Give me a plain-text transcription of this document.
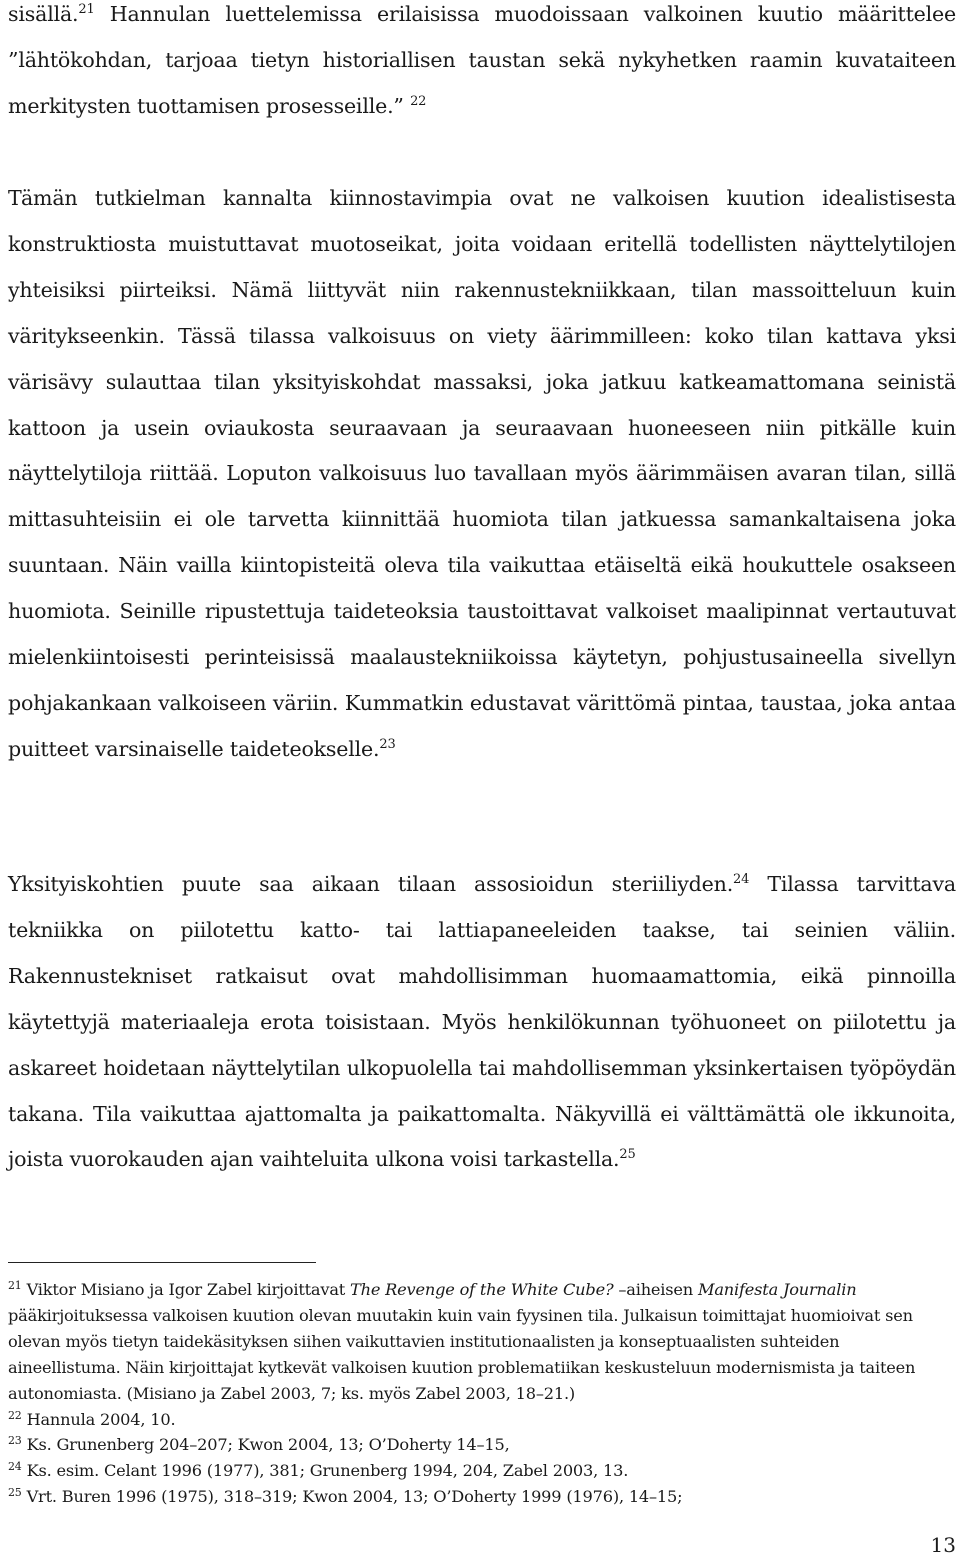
sisällä.$^{21}$ Hannulan luettelemissa erilaisissa muodoissaan valkoinen kuutio määrittelee ”lähtökohdan, tarjoaa tietyn historiallisen taustan sekä nykyhetken raamin kuvataiteen merkitysten tuottamisen prosesseille.” $^{22}$

Tämän tutkielman kannalta kiinnostavimpia ovat ne valkoisen kuution idealistisesta konstruktiosta muistuttavat muotoseikat, joita voidaan eritellä todellisten näyttelytilojen yhteisiksi piirteiksi. Nämä liittyvät niin rakennustekniikkaan, tilan massoitteluun kuin väritykseenkin. Tässä tilassa valkoisuus on viety äärimmilleen: koko tilan kattava yksi värisävy sulauttaa tilan yksityiskohdat massaksi, joka jatkuu katkeamattomana seinistä kattoon ja usein oviaukosta seuraavaan ja seuraavaan huoneeseen niin pitkälle kuin näyttelytiloja riittää. Loputon valkoisuus luo tavallaan myös äärimmäisen avaran tilan, sillä mittasuhteisiin ei ole tarvetta kiinnittää huomiota tilan jatkuessa samankaltaisena joka suuntaan. Näin vailla kiintopisteitä oleva tila vaikuttaa etäiseltä eikä houkuttele osakseen huomiota. Seinille ripustettuja taideteoksia taustoittavat valkoiset maalipinnat vertautuvat mielenkiintoisesti perinteisissä maalaustekniikoissa käytetyn, pohjustusaineella sivellyn pohjakankaan valkoiseen väriin. Kummatkin edustavat värittömä pintaa, taustaa, joka antaa puitteet varsinaiselle taideteokselle.$^{23}$

Yksityiskohtien puute saa aikaan tilaan assosioidun steriiliyden.$^{24}$ Tilassa tarvittava tekniikka on piilotettu katto- tai lattiapaneeleiden taakse, tai seinien väliin. Rakennustekniset ratkaisut ovat mahdollisimman huomaamattomia, eikä pinnoilla käytettyjä materiaaleja erota toisistaan. Myös henkilökunnan työhuoneet on piilotettu ja askareet hoidetaan näyttelytilan ulkopuolella tai mahdollisemman yksinkertaisen työpöydän takana. Tila vaikuttaa ajattomalta ja paikattomalta. Näkyvillä ei välttämättä ole ikkunoita, joista vuorokauden ajan vaihteluita ulkona voisi tarkastella.$^{25}$

$^{21}$ Viktor Misiano ja Igor Zabel kirjoittavat The Revenge of the White Cube? –aiheisen Manifesta Journalin pääkirjoituksessa valkoisen kuution olevan muutakin kuin vain fyysinen tila. Julkaisun toimittajat huomioivat sen olevan myös tietyn taidekäsityksen siihen vaikuttavien institutionaalisten ja konseptuaalisten suhteiden aineellistuma. Näin kirjoittajat kytkevät valkoisen kuution problematiikan keskusteluun modernismista ja taiteen autonomiasta. (Misiano ja Zabel 2003, 7; ks. myös Zabel 2003, 18–21.)

$^{22}$ Hannula 2004, 10.

$^{23}$ Ks. Grunenberg 204–207; Kwon 2004, 13; O’Doherty 14–15,

$^{24}$ Ks. esim. Celant 1996 (1977), 381; Grunenberg 1994, 204, Zabel 2003, 13.

$^{25}$ Vrt. Buren 1996 (1975), 318–319; Kwon 2004, 13; O’Doherty 1999 (1976), 14–15;

13
